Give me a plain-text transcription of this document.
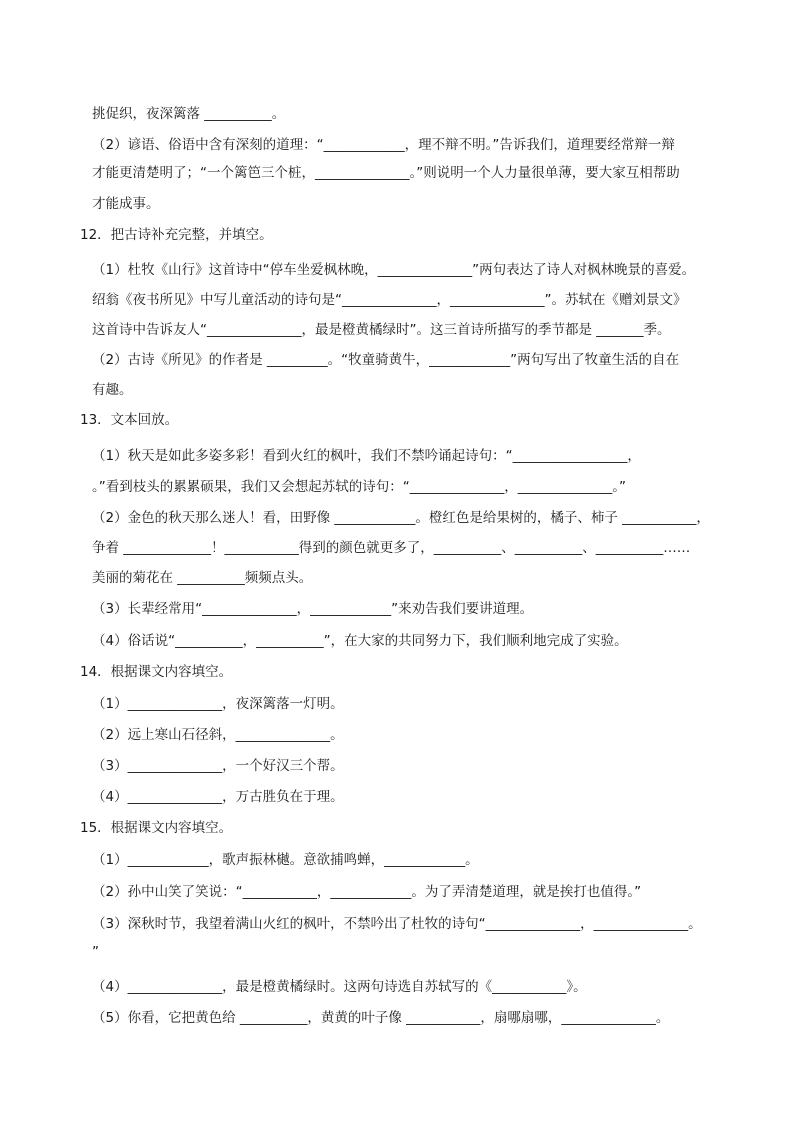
挑促织，夜深篱落 __________。
（2）谚语、俗语中含有深刻的道理：“____________，理不辩不明。”告诉我们，道理要经常辩一辩
才能更清楚明了；“一个篱笆三个桩，______________。”则说明一个人力量很单薄，要大家互相帮助
才能成事。
12．把古诗补充完整，并填空。
（1）杜牧《山行》这首诗中“停车坐爱枫林晚，______________”两句表达了诗人对枫林晚景的喜爱。
绍翁《夜书所见》中写儿童活动的诗句是“______________，______________”。苏轼在《赠刘景文》
这首诗中告诉友人“______________，最是橙黄橘绿时”。这三首诗所描写的季节都是 _______季。
（2）古诗《所见》的作者是 _________。“牧童骑黄牛，____________”两句写出了牧童生活的自在
有趣。
13．文本回放。
（1）秋天是如此多姿多彩！看到火红的枫叶，我们不禁吟诵起诗句：“_________________，
。”看到枝头的累累硕果，我们又会想起苏轼的诗句：“______________，______________。”
（2）金色的秋天那么迷人！看，田野像 ____________。橙红色是给果树的，橘子、柿子 ___________，
争着 _____________！___________得到的颜色就更多了，__________、__________、__________……
美丽的菊花在 __________频频点头。
（3）长辈经常用“______________，____________”来劝告我们要讲道理。
（4）俗话说“__________，__________”，在大家的共同努力下，我们顺利地完成了实验。
14．根据课文内容填空。
（1）______________，夜深篱落一灯明。
（2）远上寒山石径斜，______________。
（3）______________，一个好汉三个帮。
（4）______________，万古胜负在于理。
15．根据课文内容填空。
（1）____________，歌声振林樾。意欲捕鸣蝉，____________。
（2）孙中山笑了笑说：“___________，____________。为了弄清楚道理，就是挨打也值得。”
（3）深秋时节，我望着满山火红的枫叶，不禁吟出了杜牧的诗句“______________，______________。
”
（4）______________，最是橙黄橘绿时。这两句诗选自苏轼写的《___________》。
（5）你看，它把黄色给 __________，黄黄的叶子像 ___________，扇哪扇哪，______________。
